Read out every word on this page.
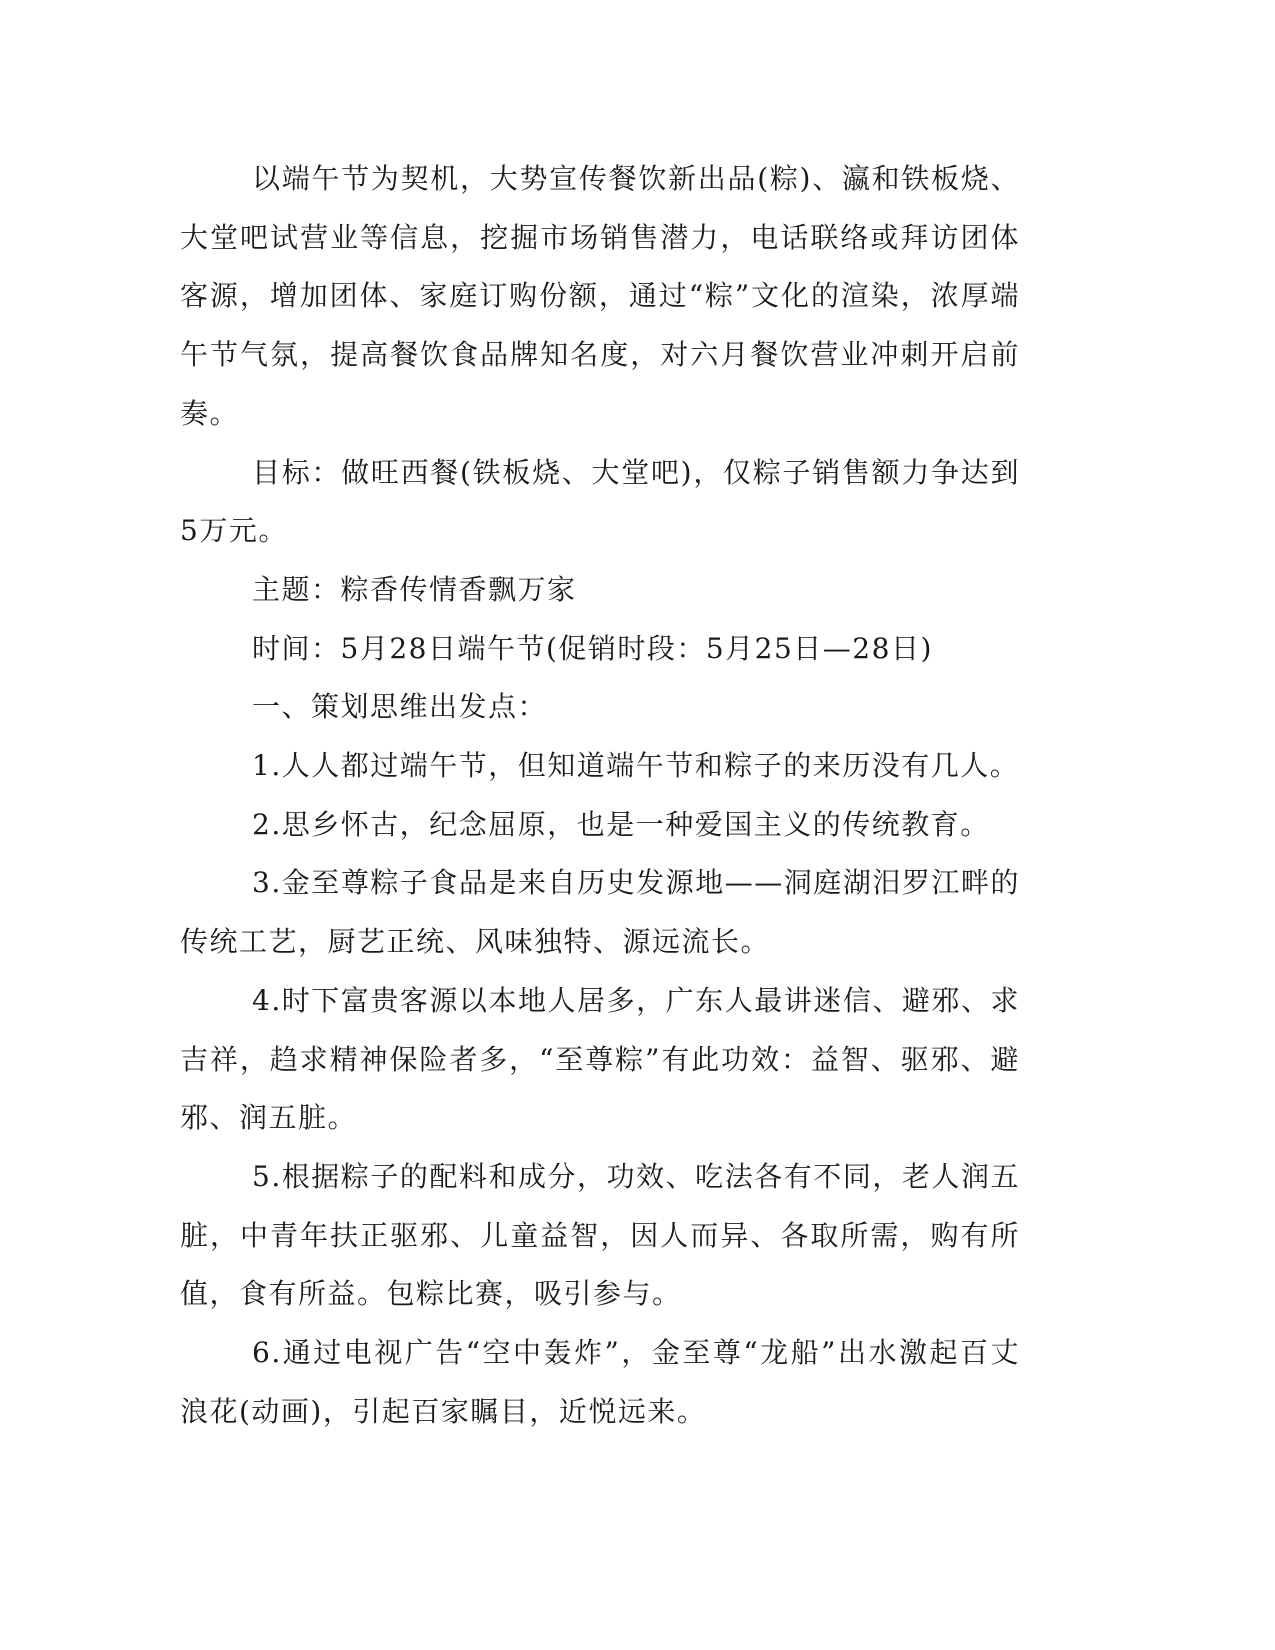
以端午节为契机，大势宣传餐饮新出品(粽)、瀛和铁板烧、大堂吧试营业等信息，挖掘市场销售潜力，电话联络或拜访团体客源，增加团体、家庭订购份额，通过“粽”文化的渲染，浓厚端午节气氛，提高餐饮食品牌知名度，对六月餐饮营业冲刺开启前奏。

目标：做旺西餐(铁板烧、大堂吧)，仅粽子销售额力争达到5万元。

主题：粽香传情香飘万家

时间：5月28日端午节(促销时段：5月25日—28日)

一、策划思维出发点：

1.人人都过端午节，但知道端午节和粽子的来历没有几人。

2.思乡怀古，纪念屈原，也是一种爱国主义的传统教育。

3.金至尊粽子食品是来自历史发源地——洞庭湖汨罗江畔的传统工艺，厨艺正统、风味独特、源远流长。

4.时下富贵客源以本地人居多，广东人最讲迷信、避邪、求吉祥，趋求精神保险者多，“至尊粽”有此功效：益智、驱邪、避邪、润五脏。

5.根据粽子的配料和成分，功效、吃法各有不同，老人润五脏，中青年扶正驱邪、儿童益智，因人而异、各取所需，购有所值，食有所益。包粽比赛，吸引参与。

6.通过电视广告“空中轰炸”，金至尊“龙船”出水激起百丈浪花(动画)，引起百家瞩目，近悦远来。
